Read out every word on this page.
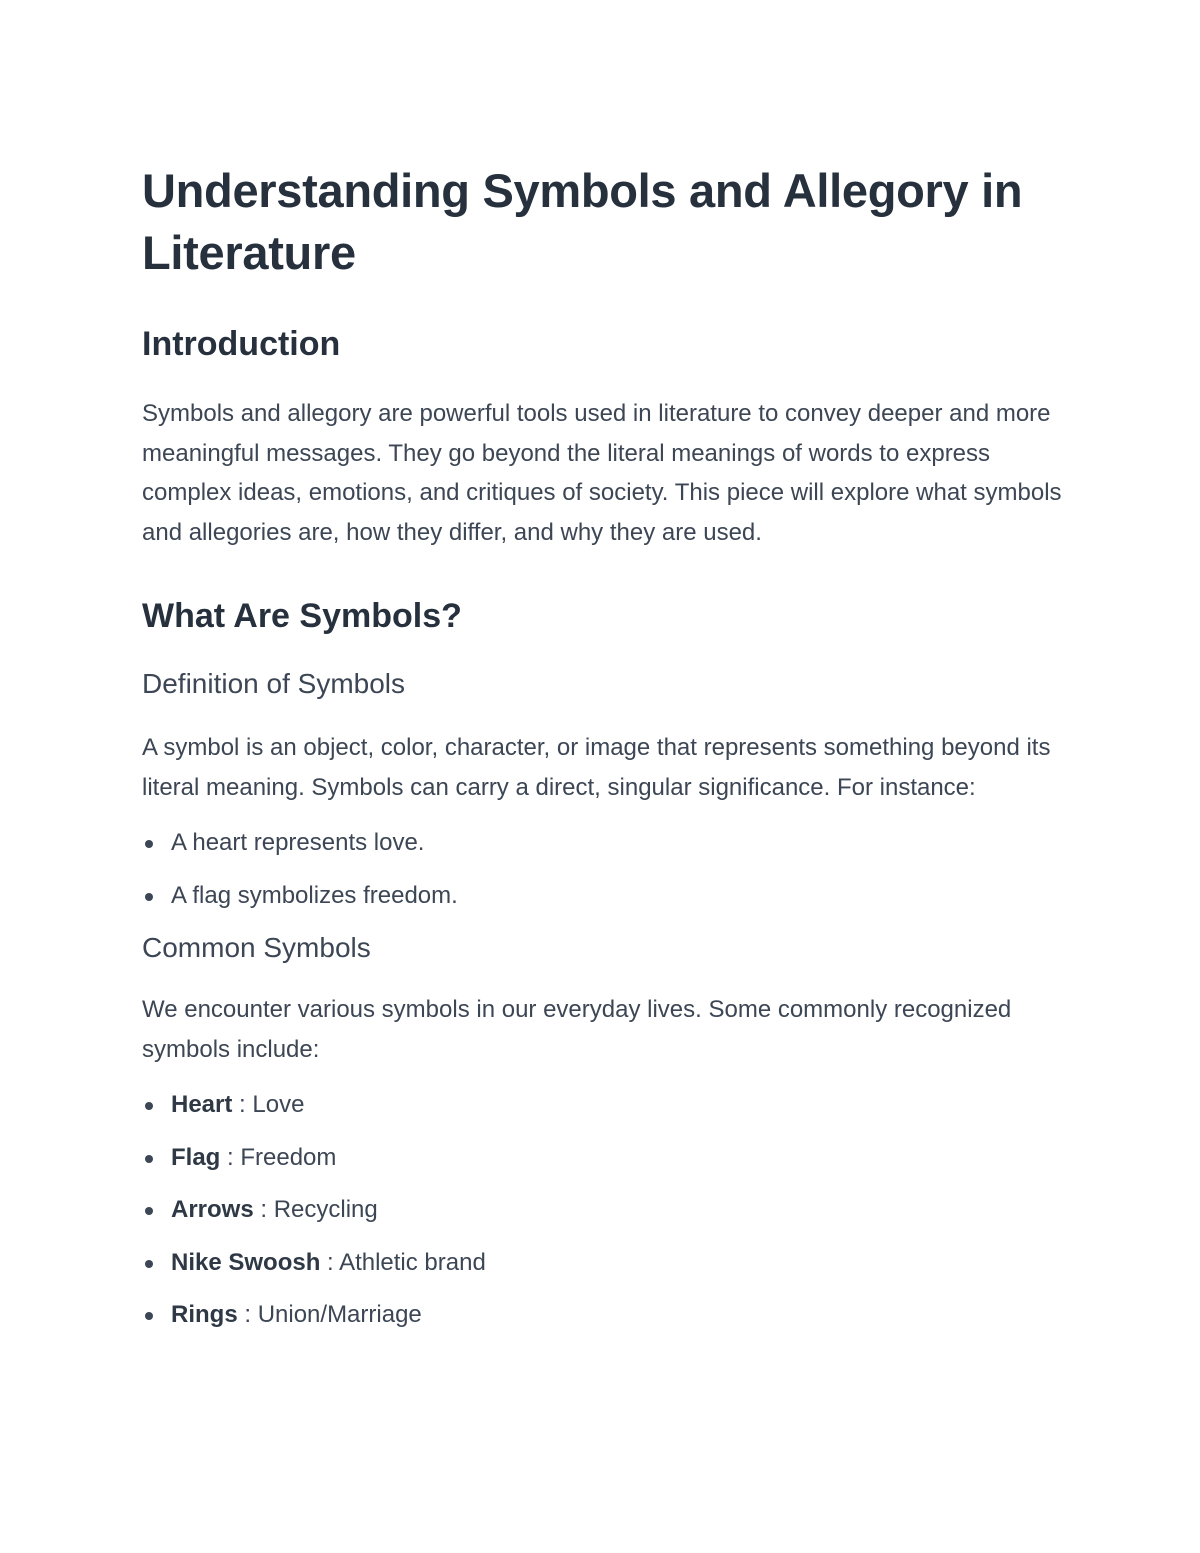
Understanding Symbols and Allegory in Literature
Introduction

Symbols and allegory are powerful tools used in literature to convey deeper and more meaningful messages. They go beyond the literal meanings of words to express complex ideas, emotions, and critiques of society. This piece will explore what symbols and allegories are, how they differ, and why they are used.

What Are Symbols?
Definition of Symbols

A symbol is an object, color, character, or image that represents something beyond its literal meaning. Symbols can carry a direct, singular significance. For instance:

A heart represents love.
A flag symbolizes freedom.
Common Symbols

We encounter various symbols in our everyday lives. Some commonly recognized symbols include:

Heart : Love
Flag : Freedom
Arrows : Recycling
Nike Swoosh : Athletic brand
Rings : Union/Marriage
